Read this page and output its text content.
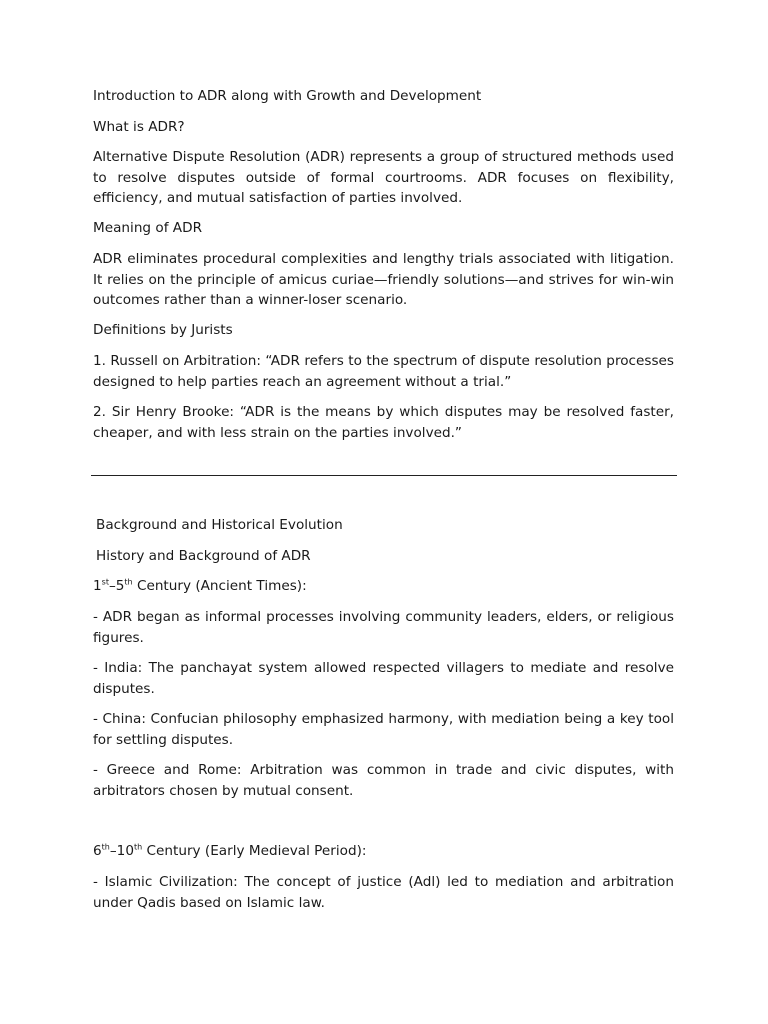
Introduction to ADR along with Growth and Development

What is ADR?

Alternative Dispute Resolution (ADR) represents a group of structured methods used to resolve disputes outside of formal courtrooms. ADR focuses on flexibility, efficiency, and mutual satisfaction of parties involved.

Meaning of ADR

ADR eliminates procedural complexities and lengthy trials associated with litigation. It relies on the principle of amicus curiae—friendly solutions—and strives for win-win outcomes rather than a winner-loser scenario.

Definitions by Jurists

1. Russell on Arbitration: “ADR refers to the spectrum of dispute resolution processes designed to help parties reach an agreement without a trial.”

2. Sir Henry Brooke: “ADR is the means by which disputes may be resolved faster, cheaper, and with less strain on the parties involved.”

Background and Historical Evolution

History and Background of ADR

1st–5th Century (Ancient Times):

- ADR began as informal processes involving community leaders, elders, or religious figures.

- India: The panchayat system allowed respected villagers to mediate and resolve disputes.

- China: Confucian philosophy emphasized harmony, with mediation being a key tool for settling disputes.

- Greece and Rome: Arbitration was common in trade and civic disputes, with arbitrators chosen by mutual consent.

6th–10th Century (Early Medieval Period):

- Islamic Civilization: The concept of justice (Adl) led to mediation and arbitration under Qadis based on Islamic law.
